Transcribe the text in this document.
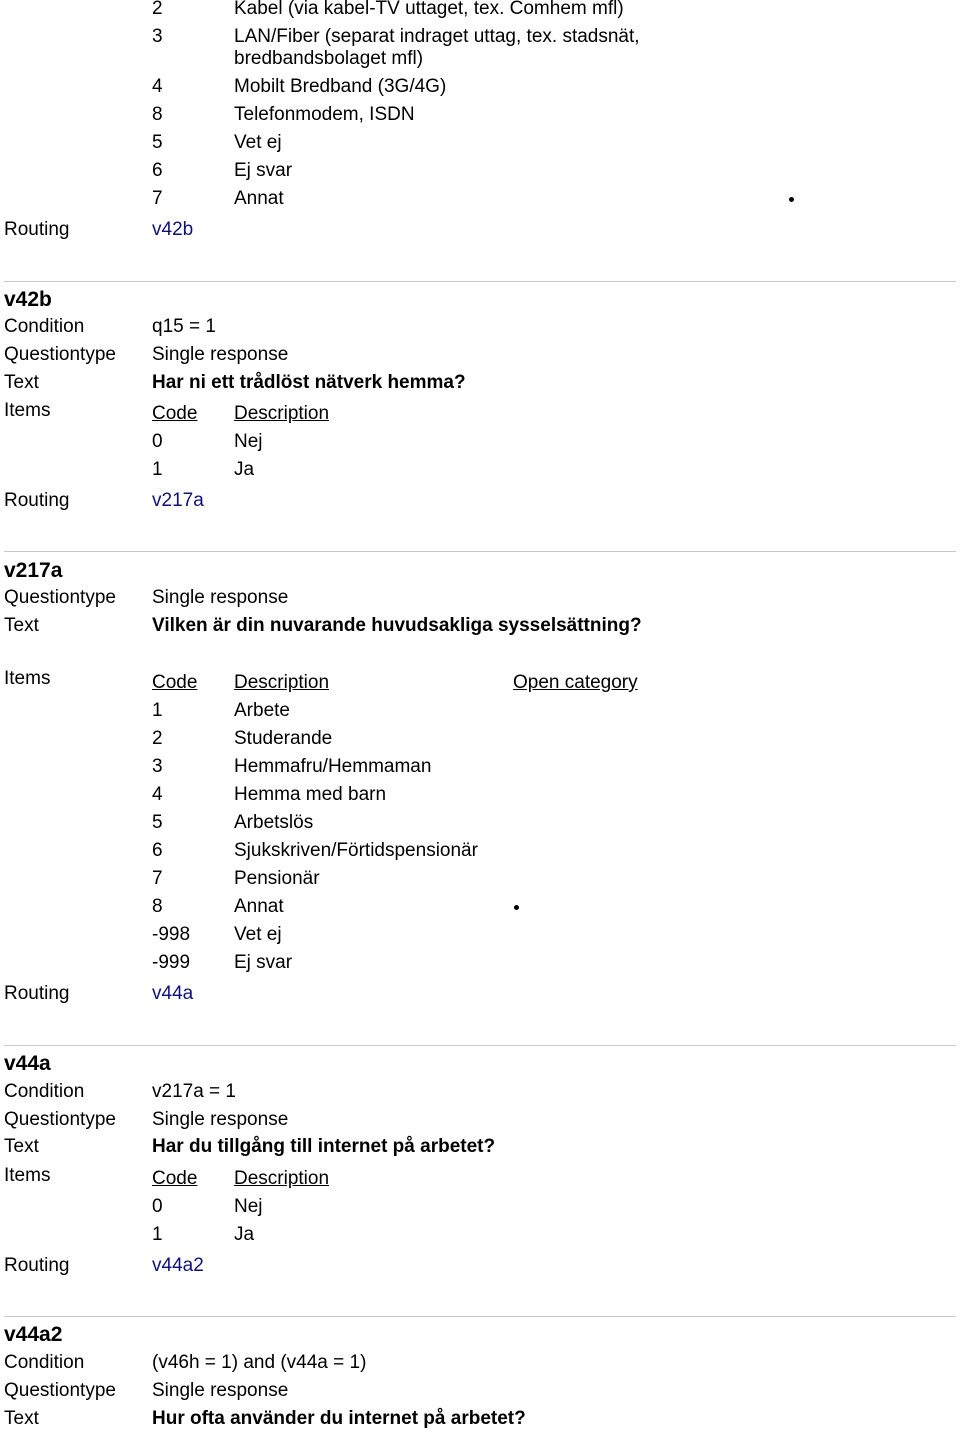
2	Kabel (via kabel-TV uttaget, tex. Comhem mfl)
3	LAN/Fiber (separat indraget uttag, tex. stadsnät,
bredbandsbolaget mfl)
4	Mobilt Bredband (3G/4G)
8	Telefonmodem, ISDN
5	Vet ej
6	Ej svar
7	Annat
Routing	v42b
v42b
Condition	q15 = 1
Questiontype Single response
Text	Har ni ett trådlöst nätverk hemma?
Items	Code Description
0	Nej
1	Ja
Routing	v217a
v217a
Questiontype Single response
Text	Vilken är din nuvarande huvudsakliga sysselsättning?
Items	Code Description	Open category
1	Arbete
2	Studerande
3	Hemmafru/Hemmaman
4	Hemma med barn
5	Arbetslös
6	Sjukskriven/Förtidspensionär
7	Pensionär
8	Annat
-998 Vet ej
-999 Ej svar
Routing	v44a
v44a
Condition	v217a = 1
Questiontype Single response
Text	Har du tillgång till internet på arbetet?
Items	Code Description
0	Nej
1	Ja
Routing	v44a2
v44a2
Condition	(v46h = 1) and (v44a = 1)
Questiontype Single response
Text	Hur ofta använder du internet på arbetet?
